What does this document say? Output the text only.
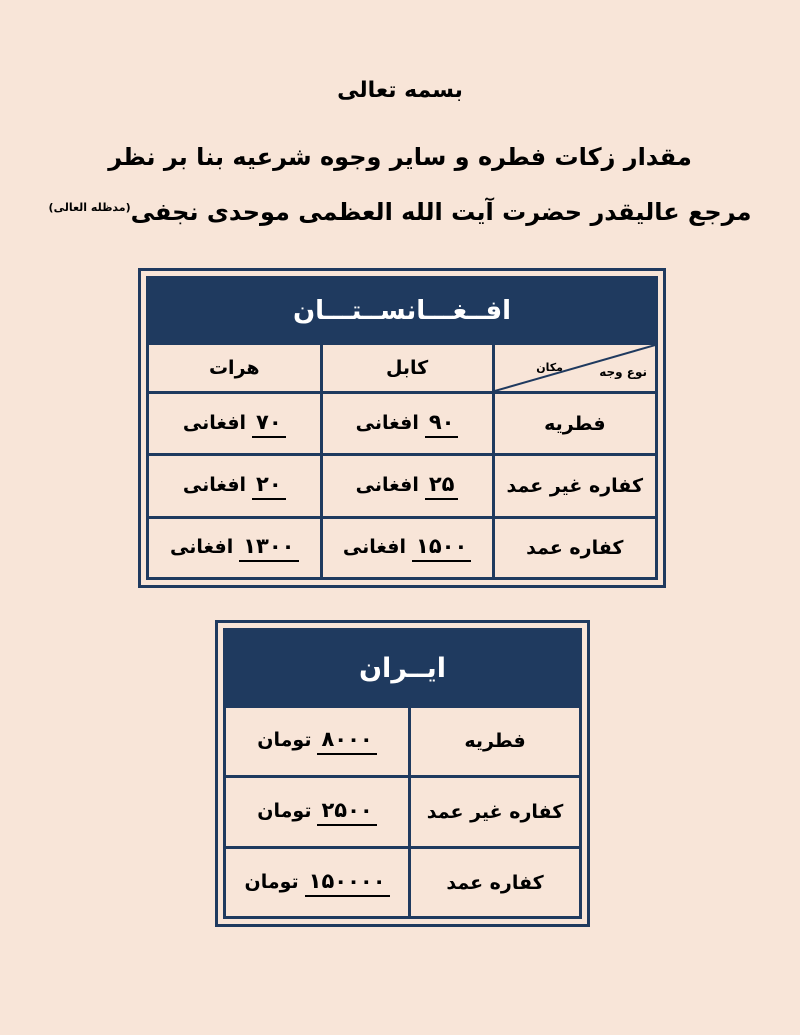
بسمه تعالی
مقدار زکات فطره و سایر وجوه شرعیه بنا بر نظر
مرجع عالیقدر حضرت آیت الله العظمی موحدی نجفی$^{(مدظله العالی)}$
افــغـــانســتـــان
نوع وجه
مکان	کابل	هرات
فطریه	۹۰افغانی	۷۰افغانی
کفاره غیر عمد	۲۵افغانی	۲۰افغانی
کفاره عمد	۱۵۰۰افغانی	۱۳۰۰افغانی
ایــران
فطریه	۸۰۰۰تومان
کفاره غیر عمد	۲۵۰۰تومان
کفاره عمد	۱۵۰۰۰۰تومان
